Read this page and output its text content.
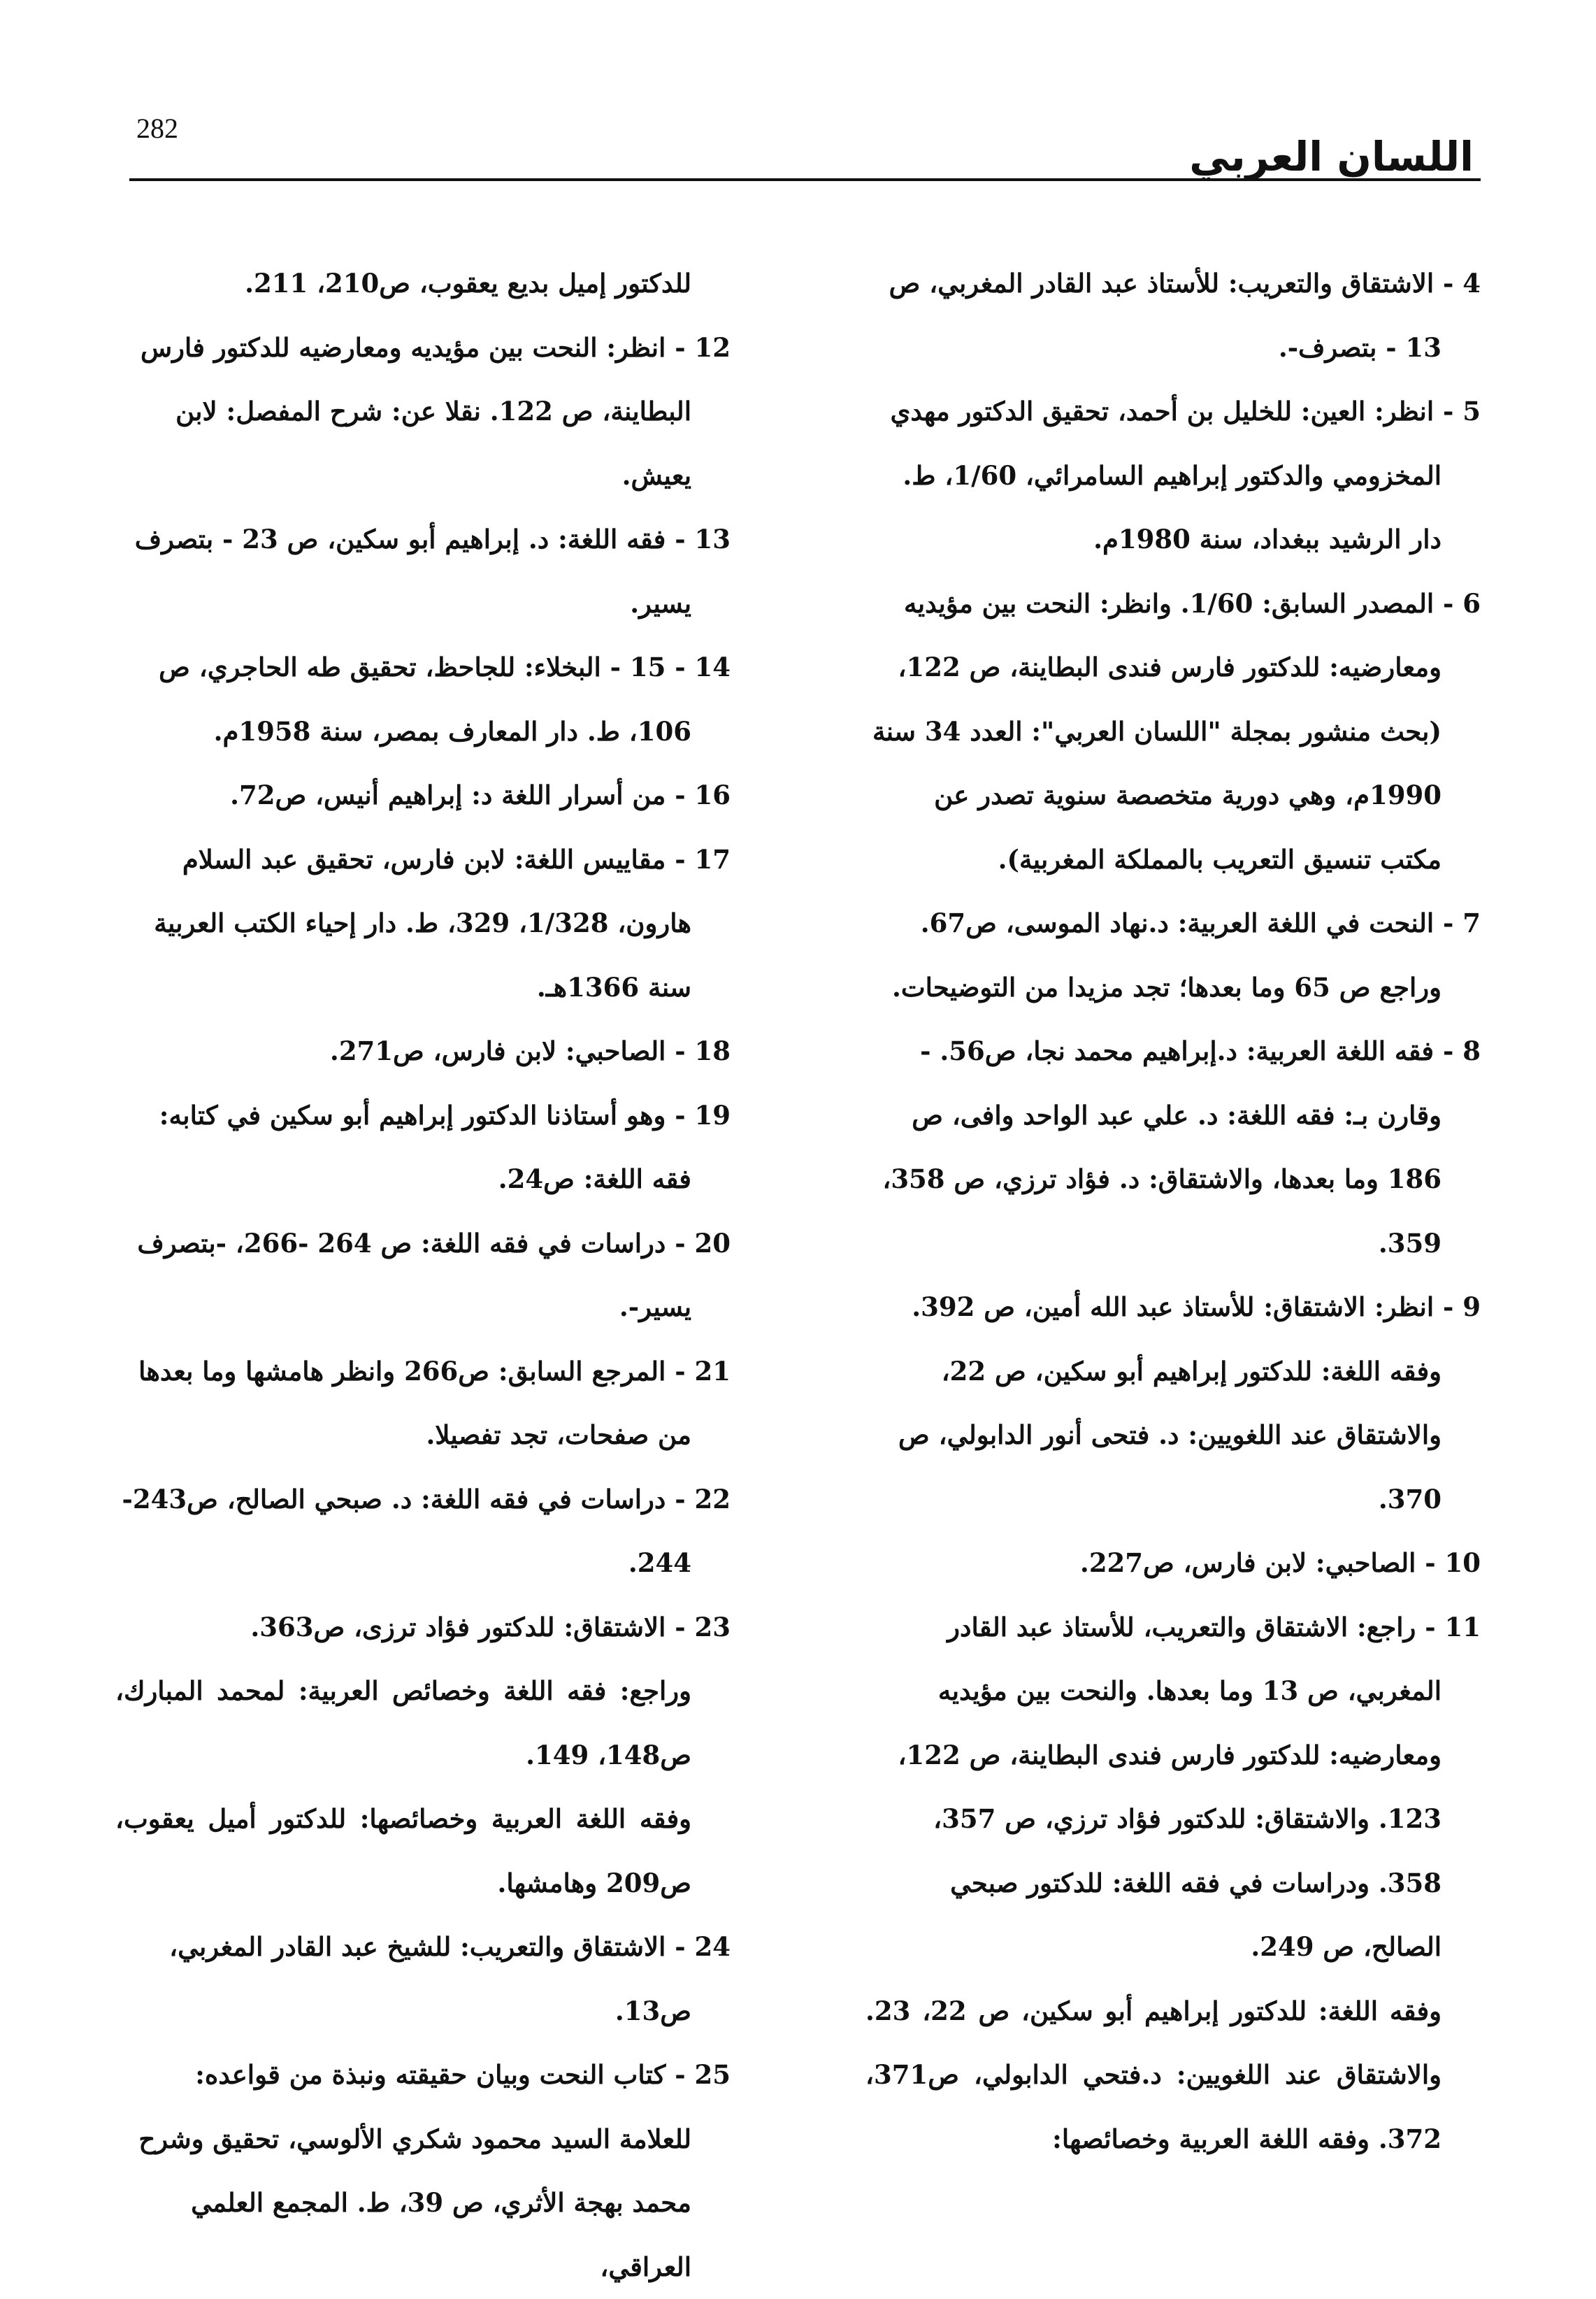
282
اللسان العربي
4 - الاشتقاق والتعريب: للأستاذ عبد القادر المغربي، ص 13 - بتصرف-.
5 - انظر: العين: للخليل بن أحمد، تحقيق الدكتور مهدي المخزومي والدكتور إبراهيم السامرائي، 1/60، ط. دار الرشيد ببغداد، سنة 1980م.
6 - المصدر السابق: 1/60. وانظر: النحت بين مؤيديه ومعارضيه: للدكتور فارس فندى البطاينة، ص 122، (بحث منشور بمجلة "اللسان العربي": العدد 34 سنة 1990م، وهي دورية متخصصة سنوية تصدر عن مكتب تنسيق التعريب بالمملكة المغربية).
7 - النحت في اللغة العربية: د.نهاد الموسى، ص67. وراجع ص 65 وما بعدها؛ تجد مزيدا من التوضيحات.
8 - فقه اللغة العربية: د.إبراهيم محمد نجا، ص56. - وقارن بـ: فقه اللغة: د. علي عبد الواحد وافى، ص 186 وما بعدها، والاشتقاق: د. فؤاد ترزي، ص 358، 359.
9 - انظر: الاشتقاق: للأستاذ عبد الله أمين، ص 392. وفقه اللغة: للدكتور إبراهيم أبو سكين، ص 22، والاشتقاق عند اللغويين: د. فتحى أنور الدابولي، ص 370.
10 - الصاحبي: لابن فارس، ص227.
11 - راجع: الاشتقاق والتعريب، للأستاذ عبد القادر المغربي، ص 13 وما بعدها. والنحت بين مؤيديه ومعارضيه: للدكتور فارس فندى البطاينة، ص 122، 123. والاشتقاق: للدكتور فؤاد ترزي، ص 357، 358. ودراسات في فقه اللغة: للدكتور صبحي الصالح، ص 249.
وفقه اللغة: للدكتور إبراهيم أبو سكين، ص 22، 23. والاشتقاق عند اللغويين: د.فتحي الدابولي، ص371، 372. وفقه اللغة العربية وخصائصها:
للدكتور إميل بديع يعقوب، ص210، 211.
12 - انظر: النحت بين مؤيديه ومعارضيه للدكتور فارس البطاينة، ص 122. نقلا عن: شرح المفصل: لابن يعيش.
13 - فقه اللغة: د. إبراهيم أبو سكين، ص 23 - بتصرف يسير.
14 - 15 - البخلاء: للجاحظ، تحقيق طه الحاجري، ص 106، ط. دار المعارف بمصر، سنة 1958م.
16 - من أسرار اللغة د: إبراهيم أنيس، ص72.
17 - مقاييس اللغة: لابن فارس، تحقيق عبد السلام هارون، 1/328، 329، ط. دار إحياء الكتب العربية سنة 1366هـ.
18 - الصاحبي: لابن فارس، ص271.
19 - وهو أستاذنا الدكتور إبراهيم أبو سكين في كتابه: فقه اللغة: ص24.
20 - دراسات في فقه اللغة: ص 264 -266، -بتصرف يسير-.
21 - المرجع السابق: ص266 وانظر هامشها وما بعدها من صفحات، تجد تفصيلا.
22 - دراسات في فقه اللغة: د. صبحي الصالح، ص243- 244.
23 - الاشتقاق: للدكتور فؤاد ترزى، ص363.
وراجع: فقه اللغة وخصائص العربية: لمحمد المبارك، ص148، 149.
وفقه اللغة العربية وخصائصها: للدكتور أميل يعقوب، ص209 وهامشها.
24 - الاشتقاق والتعريب: للشيخ عبد القادر المغربي، ص13.
25 - كتاب النحت وبيان حقيقته ونبذة من قواعده: للعلامة السيد محمود شكري الألوسي، تحقيق وشرح محمد بهجة الأثري، ص 39، ط. المجمع العلمي العراقي،
